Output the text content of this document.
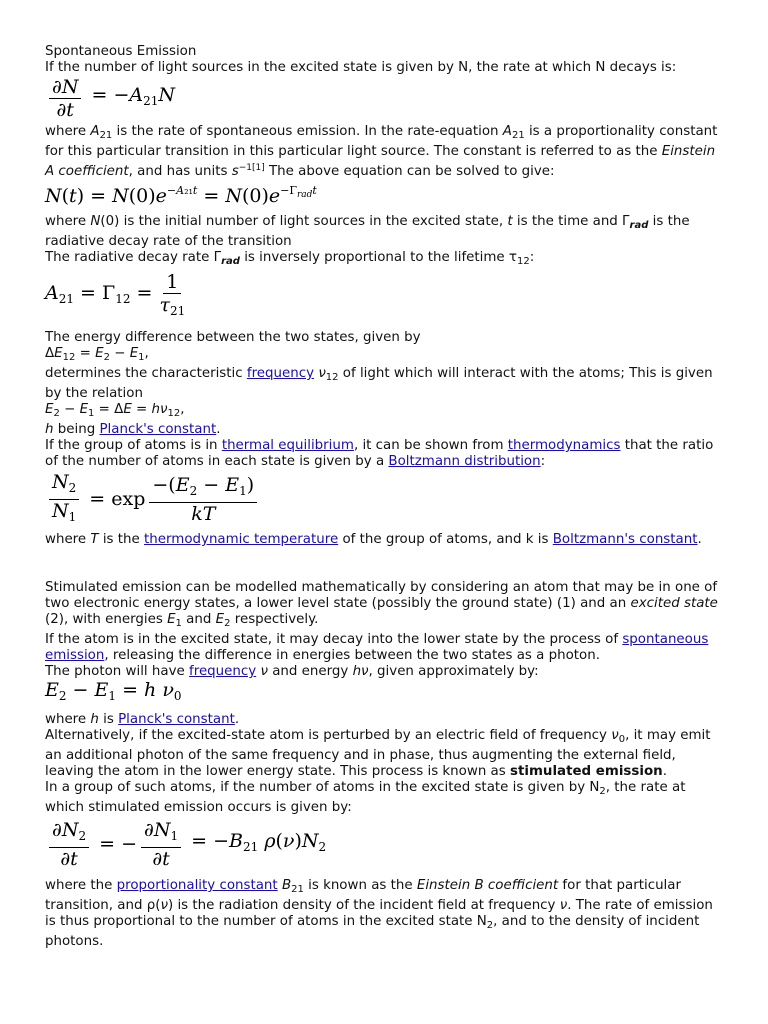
Spontaneous Emission

If the number of light sources in the excited state is given by N, the rate at which N decays is:

$\frac{\partial N}{\partial t} = -A_{21}N$

where $A_{21}$ is the rate of spontaneous emission. In the rate-equation $A_{21}$ is a proportionality constant for this particular transition in this particular light source. The constant is referred to as the Einstein A coefficient, and has units $s^{-1[1]}$ The above equation can be solved to give:

$N(t) = N(0)e^{-A_{21}t} = N(0)e^{-\Gamma_{rad}t}$

where N(0) is the initial number of light sources in the excited state, t is the time and $\Gamma_{rad}$ is the radiative decay rate of the transition

The radiative decay rate $\Gamma_{rad}$ is inversely proportional to the lifetime $\tau_{12}$:

$A_{21} = \Gamma_{12} = \frac{1}{\tau_{21}}$

The energy difference between the two states, given by

$\Delta E_{12} = E_2 - E_1$,

determines the characteristic frequency $\nu_{12}$ of light which will interact with the atoms; This is given by the relation

$E_2 - E_1 = \Delta E = h\nu_{12}$,

h being Planck's constant.

If the group of atoms is in thermal equilibrium, it can be shown from thermodynamics that the ratio of the number of atoms in each state is given by a Boltzmann distribution:

$\frac{N_2}{N_1} = \exp \frac{-(E_2 - E_1)}{kT}$

where T is the thermodynamic temperature of the group of atoms, and k is Boltzmann's constant.

Stimulated emission can be modelled mathematically by considering an atom that may be in one of two electronic energy states, a lower level state (possibly the ground state) (1) and an excited state (2), with energies $E_1$ and $E_2$ respectively.

If the atom is in the excited state, it may decay into the lower state by the process of spontaneous emission, releasing the difference in energies between the two states as a photon.

The photon will have frequency ν and energy hν, given approximately by:

$E_2 - E_1 = h$ $\nu_0$

where h is Planck's constant.

Alternatively, if the excited-state atom is perturbed by an electric field of frequency $\nu_0$, it may emit an additional photon of the same frequency and in phase, thus augmenting the external field, leaving the atom in the lower energy state. This process is known as stimulated emission.

In a group of such atoms, if the number of atoms in the excited state is given by $N_2$, the rate at which stimulated emission occurs is given by:

$\frac{\partial N_2}{\partial t}$ = − $\frac{\partial N_1}{\partial t} = -B_{21}$ $\rho(\nu)N_2$

where the proportionality constant $B_{21}$ is known as the Einstein B coefficient for that particular transition, and ρ(ν) is the radiation density of the incident field at frequency ν. The rate of emission is thus proportional to the number of atoms in the excited state $N_2$, and to the density of incident photons.
